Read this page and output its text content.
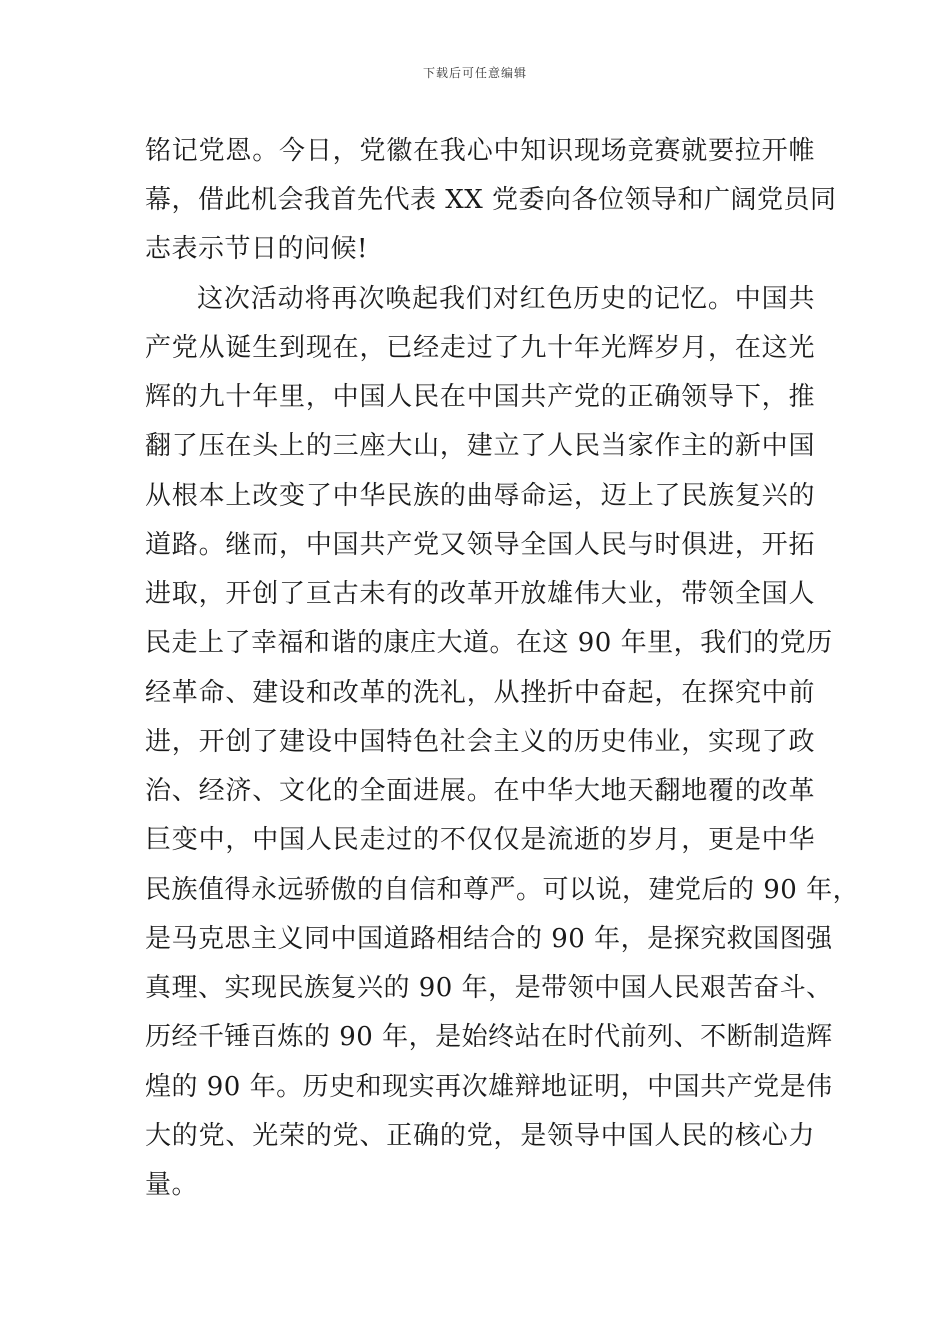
下载后可任意编辑
铭记党恩。今日，党徽在我心中知识现场竞赛就要拉开帷
幕，借此机会我首先代表 XX 党委向各位领导和广阔党员同
志表示节日的问候!
这次活动将再次唤起我们对红色历史的记忆。中国共
产党从诞生到现在，已经走过了九十年光辉岁月，在这光
辉的九十年里，中国人民在中国共产党的正确领导下，推
翻了压在头上的三座大山，建立了人民当家作主的新中国
从根本上改变了中华民族的曲辱命运，迈上了民族复兴的
道路。继而，中国共产党又领导全国人民与时俱进，开拓
进取，开创了亘古未有的改革开放雄伟大业，带领全国人
民走上了幸福和谐的康庄大道。在这 90 年里，我们的党历
经革命、建设和改革的洗礼，从挫折中奋起，在探究中前
进，开创了建设中国特色社会主义的历史伟业，实现了政
治、经济、文化的全面进展。在中华大地天翻地覆的改革
巨变中，中国人民走过的不仅仅是流逝的岁月，更是中华
民族值得永远骄傲的自信和尊严。可以说，建党后的 90 年，
是马克思主义同中国道路相结合的 90 年，是探究救国图强
真理、实现民族复兴的 90 年，是带领中国人民艰苦奋斗、
历经千锤百炼的 90 年，是始终站在时代前列、不断制造辉
煌的 90 年。历史和现实再次雄辩地证明，中国共产党是伟
大的党、光荣的党、正确的党，是领导中国人民的核心力
量。
